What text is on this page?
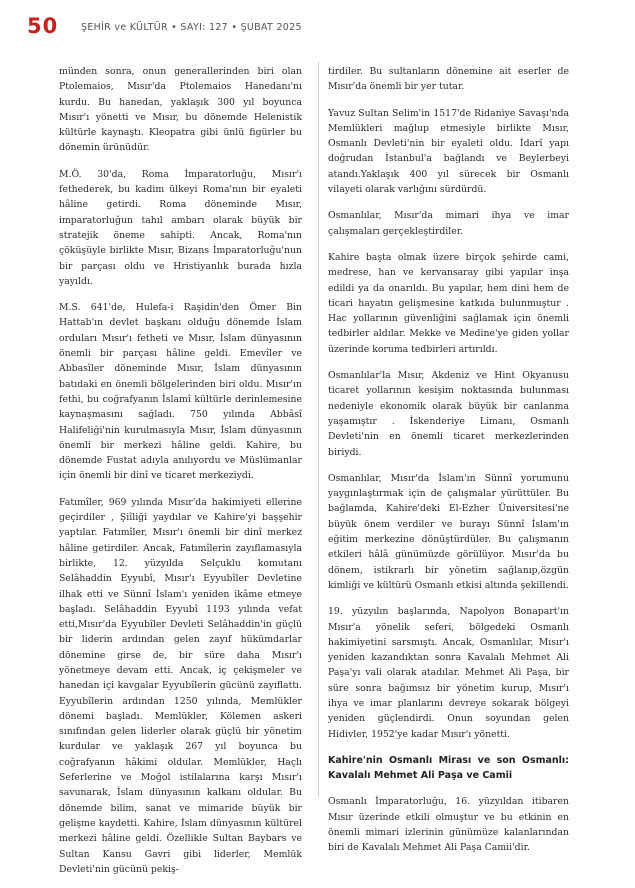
50 ŞEHİR ve KÜLTÜR • SAYI: 127 • ŞUBAT 2025

münden sonra, onun generallerinden biri olan Ptolemaios, Mısır'da Ptolemaios Hanedanı'nı kurdu. Bu hanedan, yaklaşık 300 yıl boyunca Mısır'ı yönetti ve Mısır, bu dönemde Helenistik kültürle kaynaştı. Kleopatra gibi ünlü figürler bu dönemin ürünüdür.

M.Ö. 30'da, Roma İmparatorluğu, Mısır'ı fethederek, bu kadim ülkeyi Roma'nın bir eyaleti hâline getirdi. Roma döneminde Mısır, imparatorluğun tahıl ambarı olarak büyük bir stratejik öneme sahipti. Ancak, Roma'nın çöküşüyle birlikte Mısır, Bizans İmparatorluğu'nun bir parçası oldu ve Hristiyanlık burada hızla yayıldı.

M.S. 641'de, Hulefa-i Raşidin'den Ömer Bin Hattab'ın devlet başkanı olduğu dönemde İslam orduları Mısır'ı fetheti ve Mısır, İslam dünyasının önemli bir parçası hâline geldi. Emevîler ve Abbasîler döneminde Mısır, İslam dünyasının batıdaki en önemli bölgelerinden biri oldu. Mısır'ın fethi, bu coğrafyanın İslamî kültürle derinlemesine kaynaşmasını sağladı. 750 yılında Abbâsî Halifeliği'nin kurulmasıyla Mısır, İslam dünyasının önemli bir merkezi hâline geldi. Kahire, bu dönemde Fustat adıyla anılıyordu ve Müslümanlar için önemli bir dinî ve ticaret merkeziydi.

Fatımîler, 969 yılında Mısır'da hakimiyeti ellerine geçirdiler , Şiîliği yaydılar ve Kahire'yi başşehir yaptılar. Fatımîler, Mısır'ı önemli bir dinî merkez hâline getirdiler. Ancak, Fatımîlerin zayıflamasıyla birlikte, 12. yüzyılda Selçuklu komutanı Selâhaddin Eyyubî, Mısır'ı Eyyubîler Devletine ilhak etti ve Sünnî İslam'ı yeniden ikâme etmeye başladı. Selâhaddin Eyyubî 1193 yılında vefat etti,Mısır'da Eyyubîler Devleti Selâhaddin'in güçlü bir liderin ardından gelen zayıf hükümdarlar dönemine girse de, bir süre daha Mısır'ı yönetmeye devam etti. Ancak, iç çekişmeler ve hanedan içi kavgalar Eyyubîlerin gücünü zayıflattı. Eyyubîlerin ardından 1250 yılında, Memlükler dönemi başladı. Memlükler, Kölemen askeri sınıfından gelen liderler olarak güçlü bir yönetim kurdular ve yaklaşık 267 yıl boyunca bu coğrafyanın hâkimi oldular. Memlükler, Haçlı Seferlerine ve Moğol istilalarına karşı Mısır'ı savunarak, İslam dünyasının kalkanı oldular. Bu dönemde bilim, sanat ve mimaride büyük bir gelişme kaydetti. Kahire, İslam dünyasının kültürel merkezi hâline geldi. Özellikle Sultan Baybars ve Sultan Kansu Gavri gibi liderler, Memlük Devleti'nin gücünü pekiş-

tirdiler. Bu sultanların dönemine ait eserler de Mısır'da önemli bir yer tutar.

Yavuz Sultan Selim'in 1517'de Ridaniye Savaşı'nda Memlükleri mağlup etmesiyle birlikte Mısır, Osmanlı Devleti'nin bir eyaleti oldu. İdarî yapı doğrudan İstanbul'a bağlandı ve Beylerbeyi atandı.Yaklaşık 400 yıl sürecek bir Osmanlı vilayeti olarak varlığını sürdürdü.

Osmanlılar, Mısır'da mimari ihya ve imar çalışmaları gerçekleştirdiler.

Kahire başta olmak üzere birçok şehirde cami, medrese, han ve kervansaray gibi yapılar inşa edildi ya da onarıldı. Bu yapılar, hem dini hem de ticari hayatın gelişmesine katkıda bulunmuştur . Hac yollarının güvenliğini sağlamak için önemli tedbirler aldılar. Mekke ve Medine'ye giden yollar üzerinde koruma tedbirleri artırıldı.

Osmanlılar'la Mısır, Akdeniz ve Hint Okyanusu ticaret yollarının kesişim noktasında bulunması nedeniyle ekonomik olarak büyük bir canlanma yaşamıştır . İskenderiye Limanı, Osmanlı Devleti'nin en önemli ticaret merkezlerinden biriydi.

Osmanlılar, Mısır'da İslam'ın Sünnî yorumunu yaygınlaştırmak için de çalışmalar yürüttüler. Bu bağlamda, Kahire'deki El-Ezher Üniversitesi'ne büyük önem verdiler ve burayı Sünnî İslam'ın eğitim merkezine dönüştürdüler. Bu çalışmanın etkileri hâlâ günümüzde görülüyor. Mısır'da bu dönem, istikrarlı bir yönetim sağlanıp,özgün kimliği ve kültürü Osmanlı etkisi altında şekillendi.

19. yüzyılın başlarında, Napolyon Bonapart'ın Mısır'a yönelik seferi, bölgedeki Osmanlı hakimiyetini sarsmıştı. Ancak, Osmanlılar, Mısır'ı yeniden kazandıktan sonra Kavalalı Mehmet Ali Paşa'yı vali olarak atadılar. Mehmet Ali Paşa, bir süre sonra bağımsız bir yönetim kurup, Mısır'ı ihya ve imar planlarını devreye sokarak bölgeyi yeniden güçlendirdi. Onun soyundan gelen Hidivler, 1952'ye kadar Mısır'ı yönetti.

Kahire'nin Osmanlı Mirası ve son Osmanlı: Kavalalı Mehmet Ali Paşa ve Camii

Osmanlı İmparatorluğu, 16. yüzyıldan itibaren Mısır üzerinde etkili olmuştur ve bu etkinin en önemli mimari izlerinin günümüze kalanlarından biri de Kavalalı Mehmet Ali Paşa Camii'dir.
